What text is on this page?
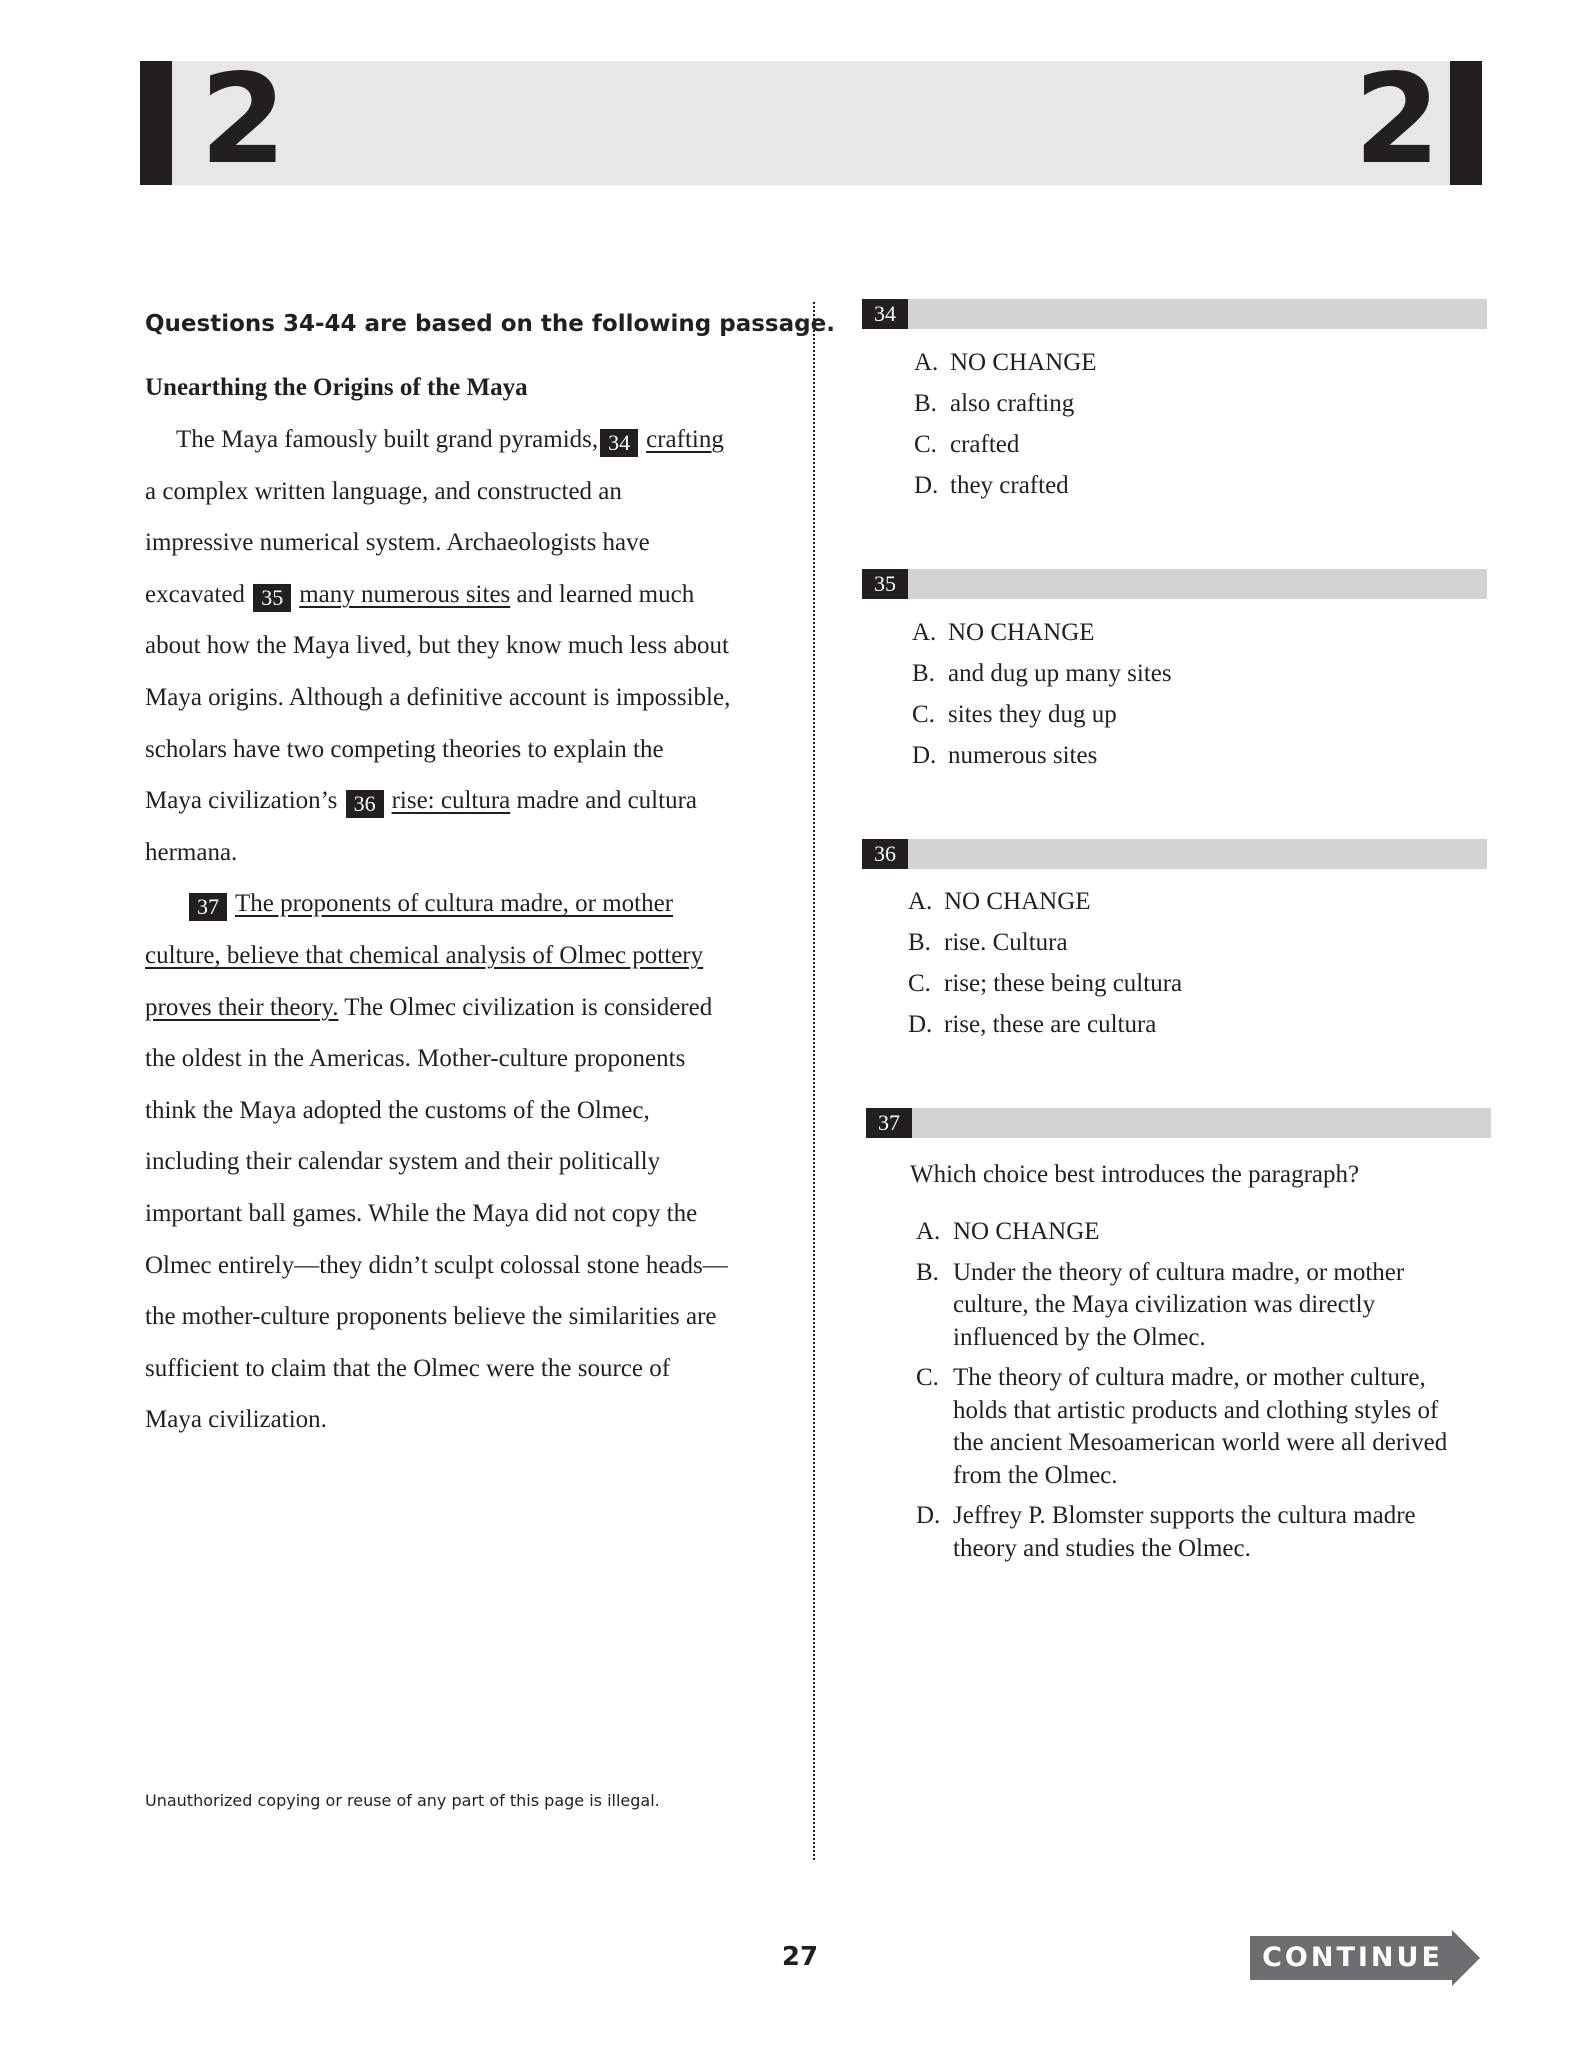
2	2
Questions 34-44 are based on the following passage.
Unearthing the Origins of the Maya
The Maya famously built grand pyramids, 34 crafting
a complex written language, and constructed an
impressive numerical system. Archaeologists have
excavated 35 many numerous sites and learned much
about how the Maya lived, but they know much less about
Maya origins. Although a definitive account is impossible,
scholars have two competing theories to explain the
Maya civilization’s 36 rise: cultura madre and cultura
hermana.
37 The proponents of cultura madre, or mother
culture, believe that chemical analysis of Olmec pottery
proves their theory. The Olmec civilization is considered
the oldest in the Americas. Mother-culture proponents
think the Maya adopted the customs of the Olmec,
including their calendar system and their politically
important ball games. While the Maya did not copy the
Olmec entirely—they didn’t sculpt colossal stone heads—
the mother-culture proponents believe the similarities are
sufficient to claim that the Olmec were the source of
Maya civilization.
34
A. NO CHANGE
B. also crafting
C. crafted
D. they crafted
35
A. NO CHANGE
B. and dug up many sites
C. sites they dug up
D. numerous sites
36
A. NO CHANGE
B. rise. Cultura
C. rise; these being cultura
D. rise, these are cultura
37
Which choice best introduces the paragraph?
A. NO CHANGE
B. Under the theory of cultura madre, or mother culture, the Maya civilization was directly influenced by the Olmec.
C. The theory of cultura madre, or mother culture, holds that artistic products and clothing styles of the ancient Mesoamerican world were all derived from the Olmec.
D. Jeffrey P. Blomster supports the cultura madre theory and studies the Olmec.
Unauthorized copying or reuse of any part of this page is illegal.
27	CONTINUE
